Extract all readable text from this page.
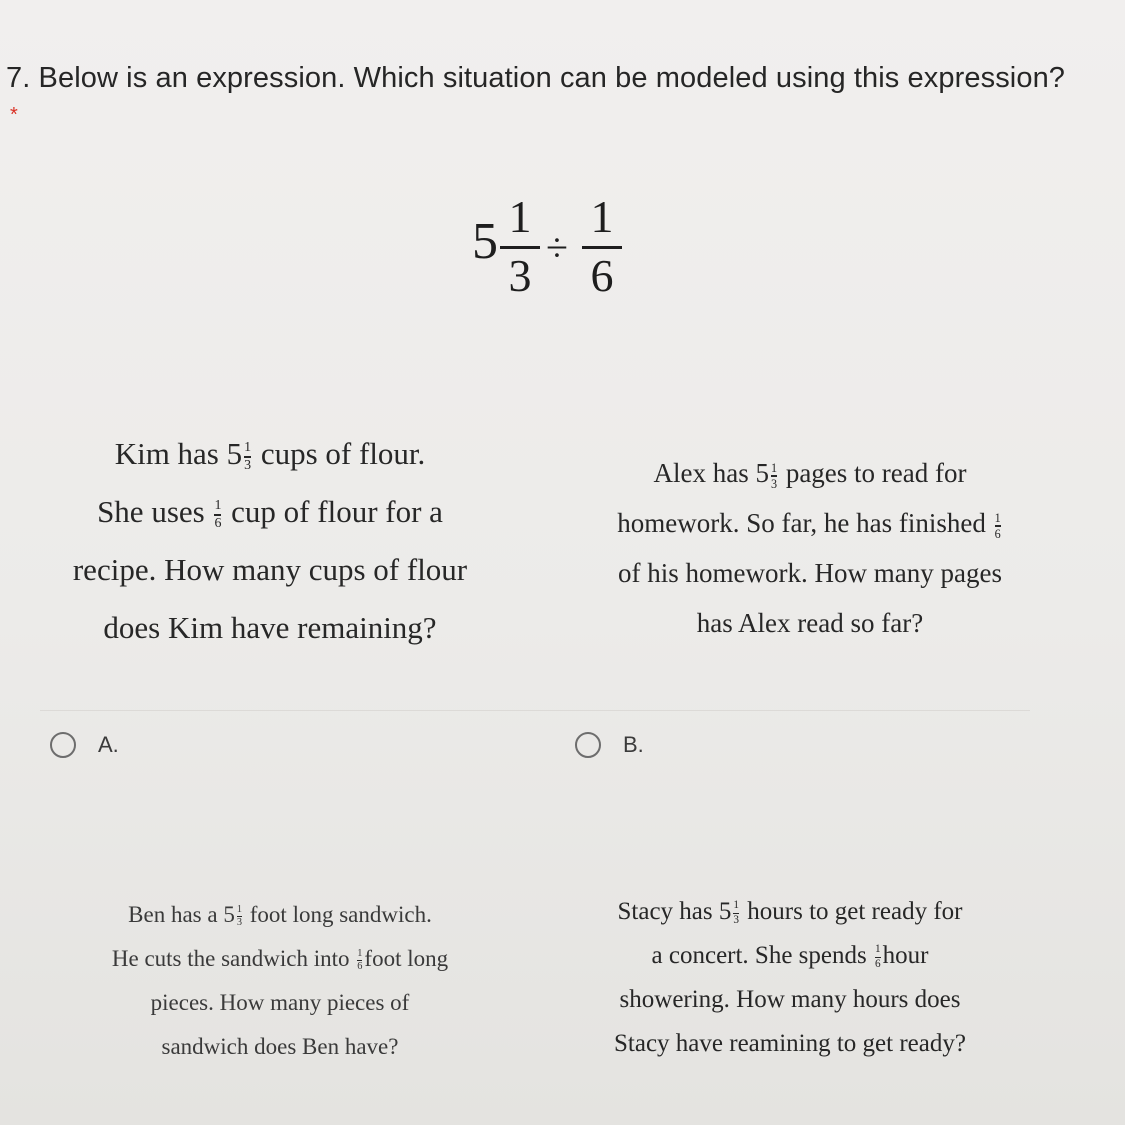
7. Below is an expression. Which situation can be modeled using this expression?
*
5 1
3
÷
1
6
Kim has $5 \frac{1}{3}$ cups of flour.
She uses $\frac{1}{6}$ cup of flour for a
recipe. How many cups of flour
does Kim have remaining?
Alex has $5 \frac{1}{3}$ pages to read for
homework. So far, he has finished $\frac{1}{6}$
of his homework. How many pages
has Alex read so far?
A.	B.
Ben has a $5 \frac{1}{3}$ foot long sandwich.
He cuts the sandwich into $\frac{1}{6}$ foot long
pieces. How many pieces of
sandwich does Ben have?
Stacy has $5 \frac{1}{3}$ hours to get ready for
a concert. She spends $\frac{1}{6}$ hour
showering. How many hours does
Stacy have reamining to get ready?
